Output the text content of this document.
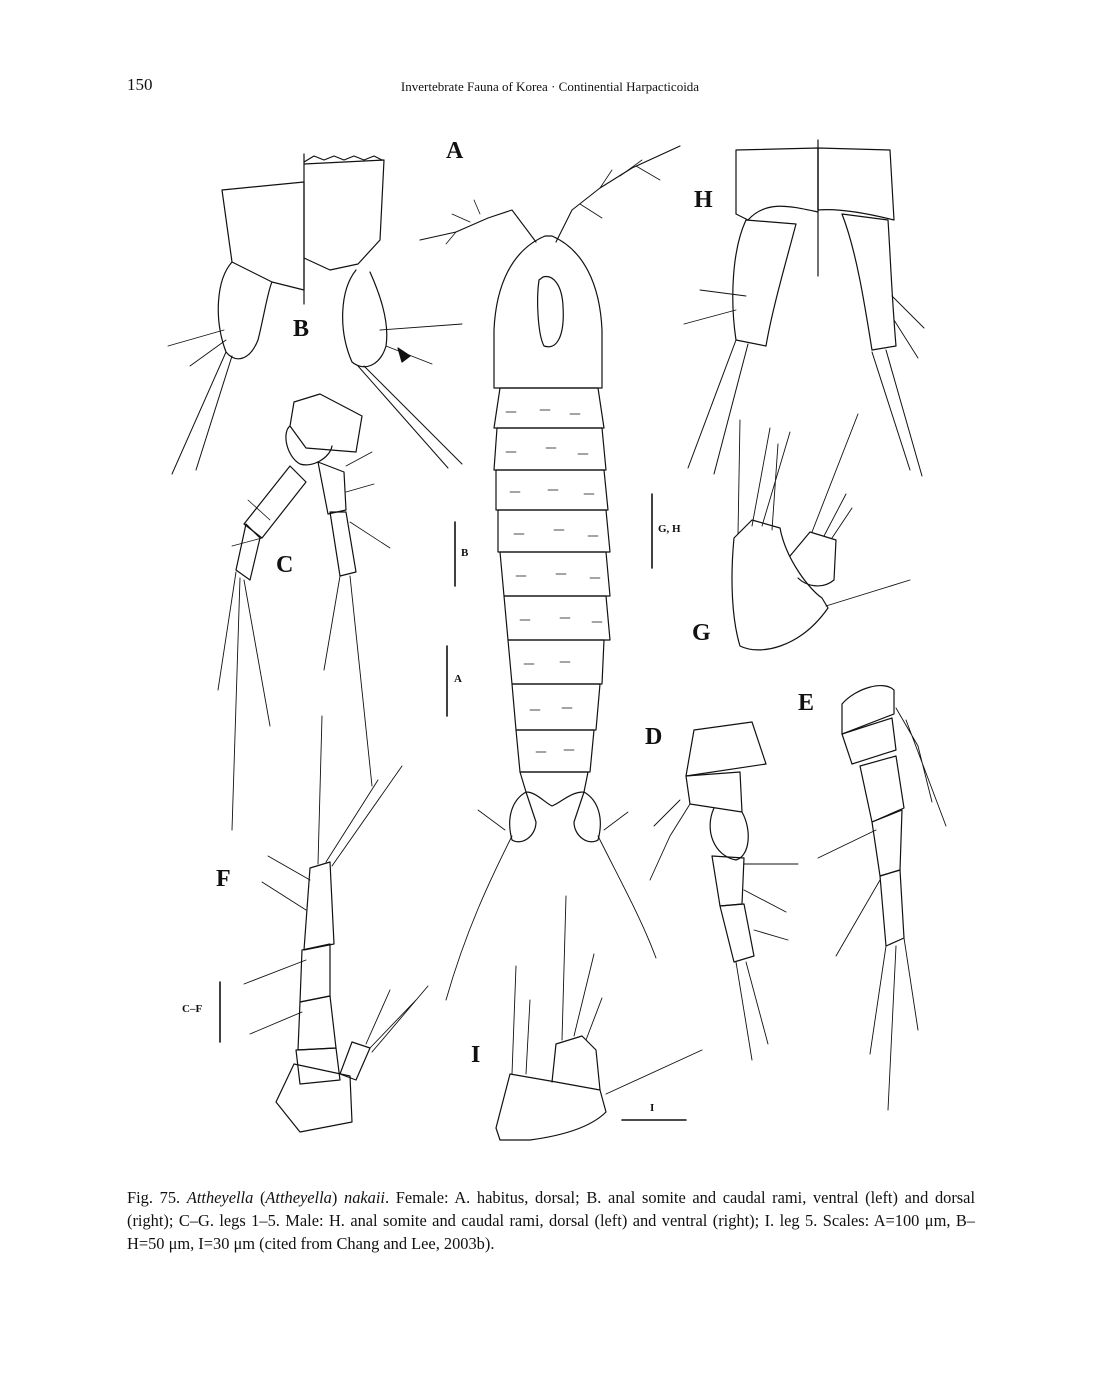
150	Invertebrate Fauna of Korea · Continential Harpacticoida
A
B
C
D
E
F
G
H
I
B
A
G, H
C–F
I
Fig. 75. Attheyella (Attheyella) nakaii. Female: A. habitus, dorsal; B. anal somite and caudal rami, ventral (left) and dorsal (right); C–G. legs 1–5. Male: H. anal somite and caudal rami, dorsal (left) and ventral (right); I. leg 5. Scales: A=100 μm, B–H=50 μm, I=30 μm (cited from Chang and Lee, 2003b).
